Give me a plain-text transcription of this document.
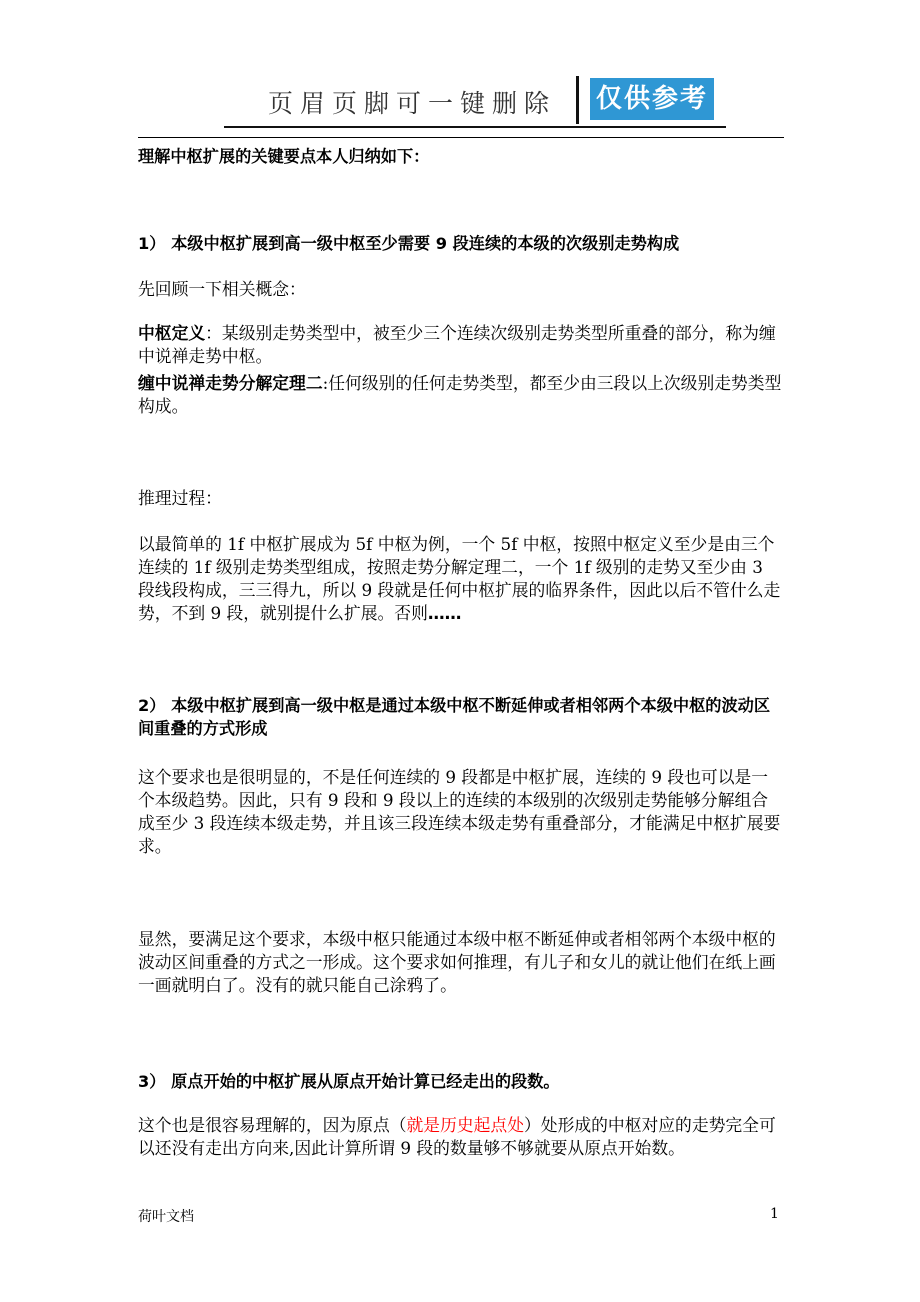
页眉页脚可一键删除 仅供参考

理解中枢扩展的关键要点本人归纳如下：

1） 本级中枢扩展到高一级中枢至少需要 9 段连续的本级的次级别走势构成

先回顾一下相关概念：

中枢定义：某级别走势类型中，被至少三个连续次级别走势类型所重叠的部分，称为缠中说禅走势中枢。

缠中说禅走势分解定理二:任何级别的任何走势类型，都至少由三段以上次级别走势类型构成。

推理过程：

以最简单的 1f 中枢扩展成为 5f 中枢为例，一个 5f 中枢，按照中枢定义至少是由三个连续的 1f 级别走势类型组成，按照走势分解定理二，一个 1f 级别的走势又至少由 3 段线段构成，三三得九，所以 9 段就是任何中枢扩展的临界条件，因此以后不管什么走势，不到 9 段，就别提什么扩展。否则……

2） 本级中枢扩展到高一级中枢是通过本级中枢不断延伸或者相邻两个本级中枢的波动区间重叠的方式形成

这个要求也是很明显的，不是任何连续的 9 段都是中枢扩展，连续的 9 段也可以是一个本级趋势。因此，只有 9 段和 9 段以上的连续的本级别的次级别走势能够分解组合成至少 3 段连续本级走势，并且该三段连续本级走势有重叠部分，才能满足中枢扩展要求。

显然，要满足这个要求，本级中枢只能通过本级中枢不断延伸或者相邻两个本级中枢的波动区间重叠的方式之一形成。这个要求如何推理，有儿子和女儿的就让他们在纸上画一画就明白了。没有的就只能自己涂鸦了。

3） 原点开始的中枢扩展从原点开始计算已经走出的段数。

这个也是很容易理解的，因为原点（就是历史起点处）处形成的中枢对应的走势完全可以还没有走出方向来,因此计算所谓 9 段的数量够不够就要从原点开始数。

荷叶文档	1
